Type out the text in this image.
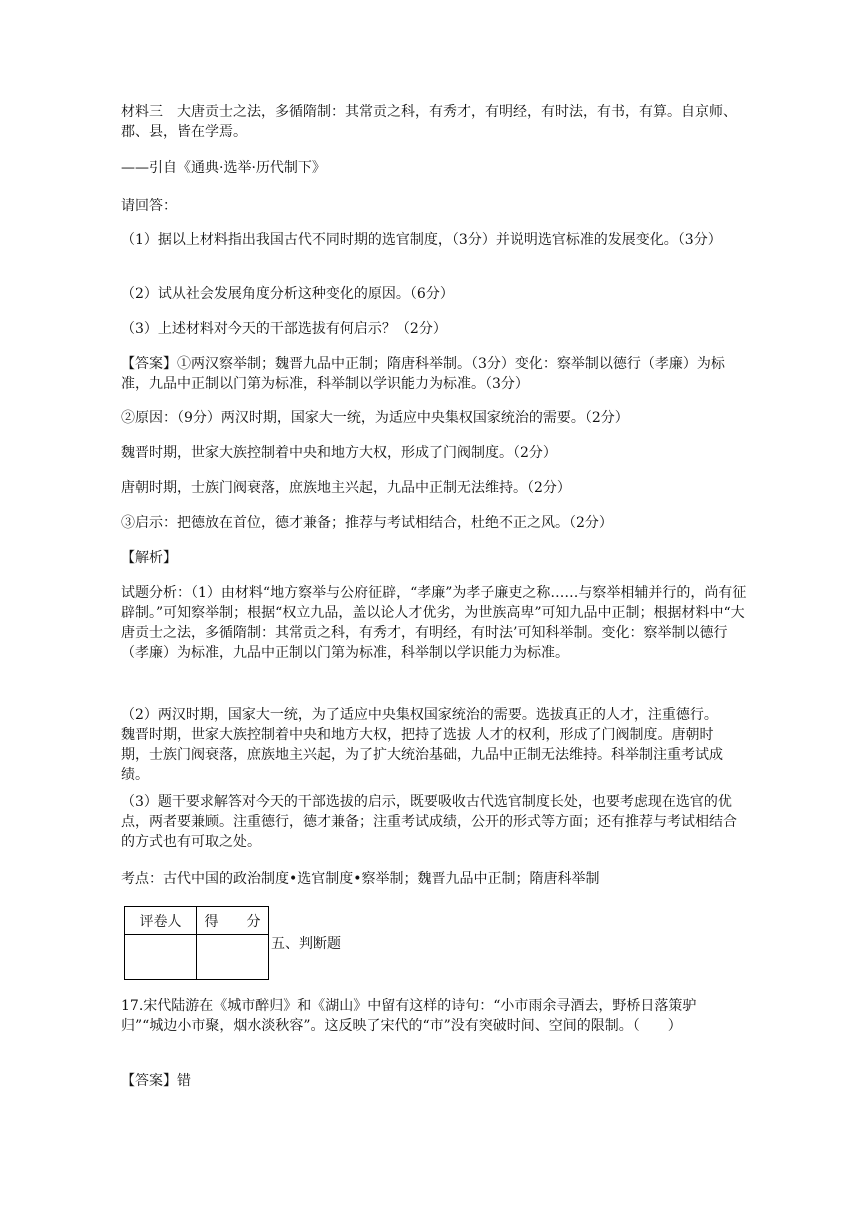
材料三　大唐贡士之法，多循隋制：其常贡之科，有秀才，有明经，有时法，有书，有算。自京师、郡、县，皆在学焉。

——引自《通典·选举·历代制下》

请回答：

（1）据以上材料指出我国古代不同时期的选官制度，（3分）并说明选官标准的发展变化。（3分）

（2）试从社会发展角度分析这种变化的原因。（6分）

（3）上述材料对今天的干部选拔有何启示？（2分）

【答案】①两汉察举制；魏晋九品中正制；隋唐科举制。（3分）变化：察举制以德行（孝廉）为标准，九品中正制以门第为标准，科举制以学识能力为标准。（3分）

②原因：（9分）两汉时期，国家大一统，为适应中央集权国家统治的需要。（2分）

魏晋时期，世家大族控制着中央和地方大权，形成了门阀制度。（2分）

唐朝时期，士族门阀衰落，庶族地主兴起，九品中正制无法维持。（2分）

③启示：把德放在首位，德才兼备；推荐与考试相结合，杜绝不正之风。（2分）

【解析】

试题分析：（1）由材料“地方察举与公府征辟，“孝廉”为孝子廉吏之称……与察举相辅并行的，尚有征辟制。”可知察举制；根据“权立九品，盖以论人才优劣，为世族高卑”可知九品中正制；根据材料中“大唐贡士之法，多循隋制：其常贡之科，有秀才，有明经，有时法’可知科举制。变化：察举制以德行（孝廉）为标准，九品中正制以门第为标准，科举制以学识能力为标准。

（2）两汉时期，国家大一统，为了适应中央集权国家统治的需要。选拔真正的人才，注重德行。魏晋时期，世家大族控制着中央和地方大权，把持了选拔 人才的权利，形成了门阀制度。唐朝时期，士族门阀衰落，庶族地主兴起，为了扩大统治基础，九品中正制无法维持。科举制注重考试成绩。

（3）题干要求解答对今天的干部选拔的启示，既要吸收古代选官制度长处，也要考虑现在选官的优点，两者要兼顾。注重德行，德才兼备；注重考试成绩，公开的形式等方面；还有推荐与考试相结合的方式也有可取之处。

考点：古代中国的政治制度•选官制度•察举制；魏晋九品中正制；隋唐科举制

评卷人	得　　分

五、判断题

17.宋代陆游在《城市醉归》和《湖山》中留有这样的诗句：“小市雨余寻酒去，野桥日落策驴归”“城边小市聚，烟水淡秋容”。这反映了宋代的“市”没有突破时间、空间的限制。（　　）

【答案】错
